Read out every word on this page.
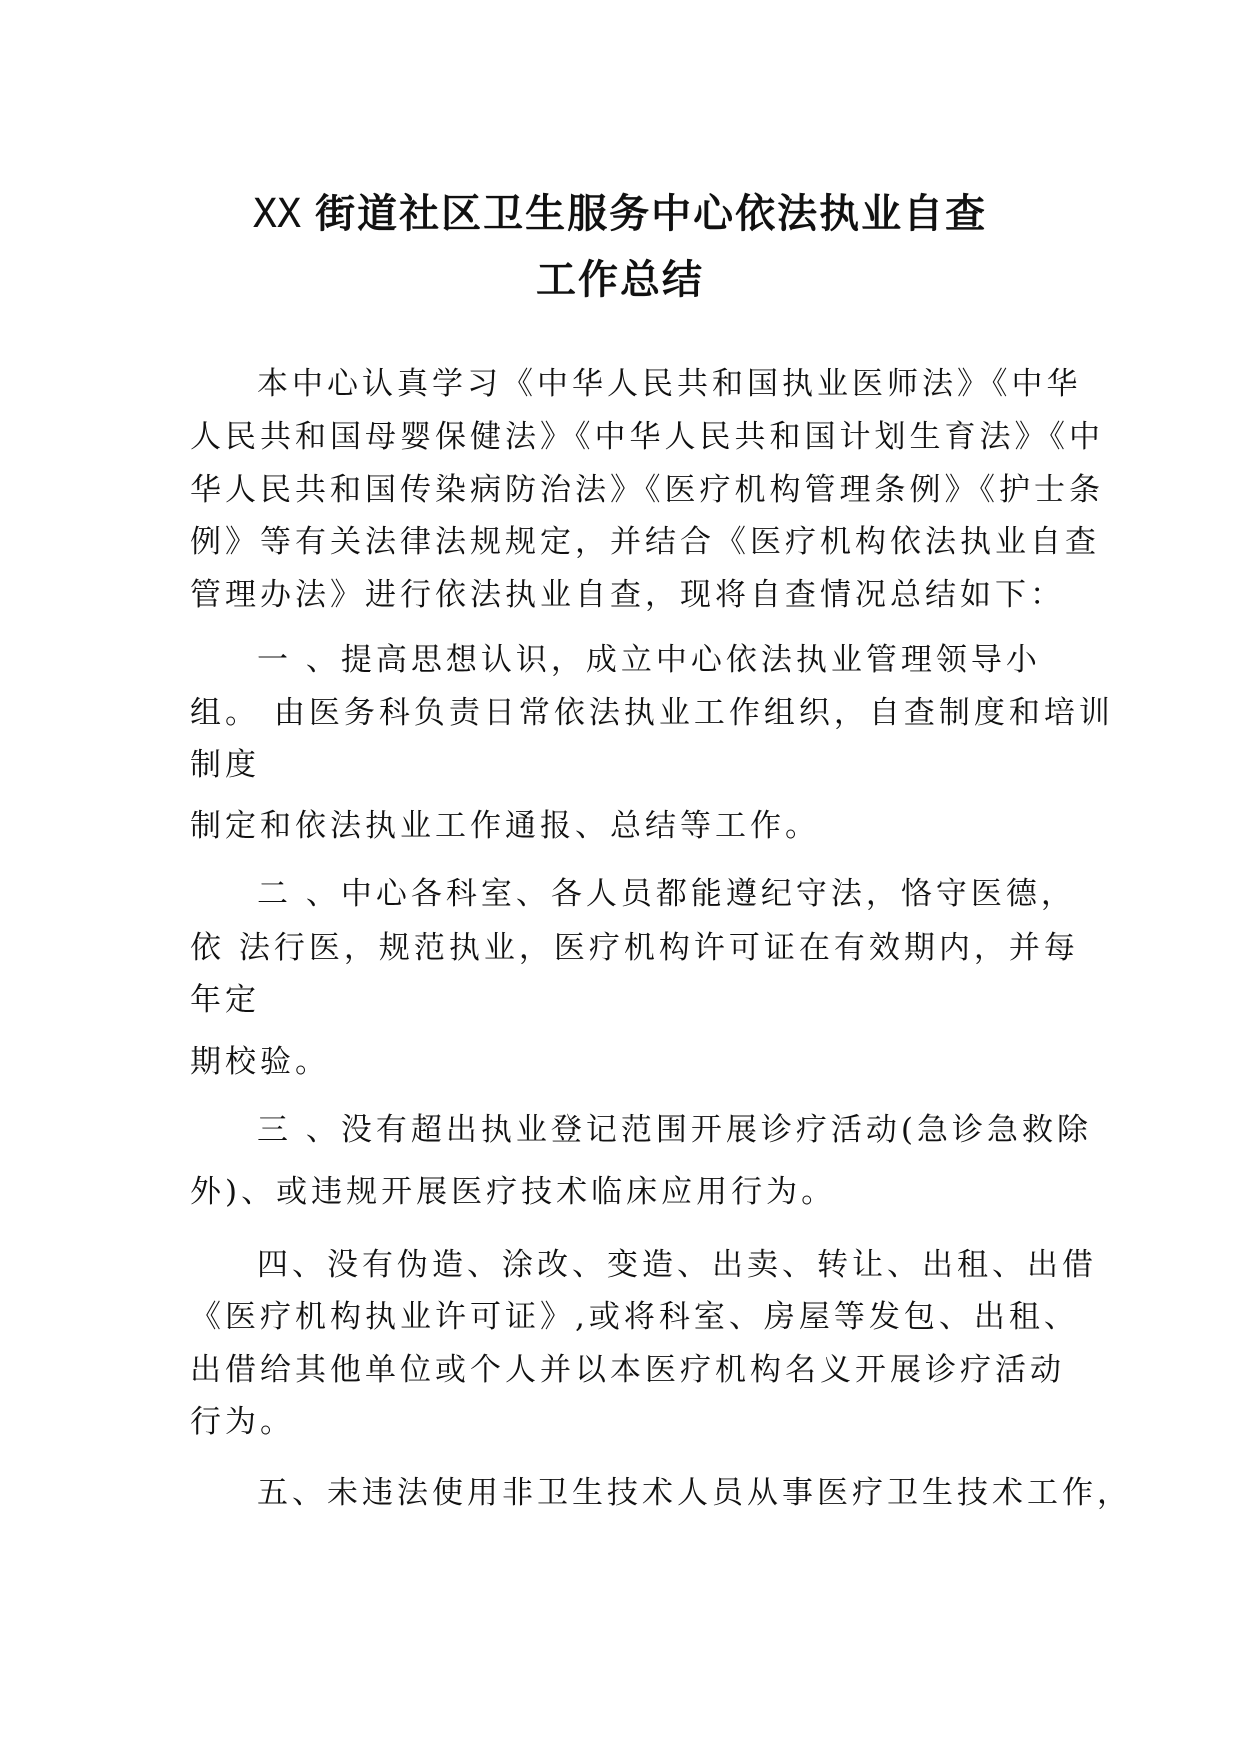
XX 街道社区卫生服务中心依法执业自查
工作总结
本中心认真学习《中华人民共和国执业医师法》《中华
人民共和国母婴保健法》《中华人民共和国计划生育法》《中
华人民共和国传染病防治法》《医疗机构管理条例》《护士条
例》等有关法律法规规定，并结合《医疗机构依法执业自查
管理办法》进行依法执业自查，现将自查情况总结如下：
一 、提高思想认识，成立中心依法执业管理领导小
组。 由医务科负责日常依法执业工作组织，自查制度和培训
制度
制定和依法执业工作通报、总结等工作。
二 、中心各科室、各人员都能遵纪守法，恪守医德，
依 法行医，规范执业，医疗机构许可证在有效期内，并每
年定
期校验。
三 、没有超出执业登记范围开展诊疗活动(急诊急救除
外)、或违规开展医疗技术临床应用行为。
四、没有伪造、涂改、变造、出卖、转让、出租、出借
《医疗机构执业许可证》,或将科室、房屋等发包、出租、
出借给其他单位或个人并以本医疗机构名义开展诊疗活动
行为。
五、未违法使用非卫生技术人员从事医疗卫生技术工作，
